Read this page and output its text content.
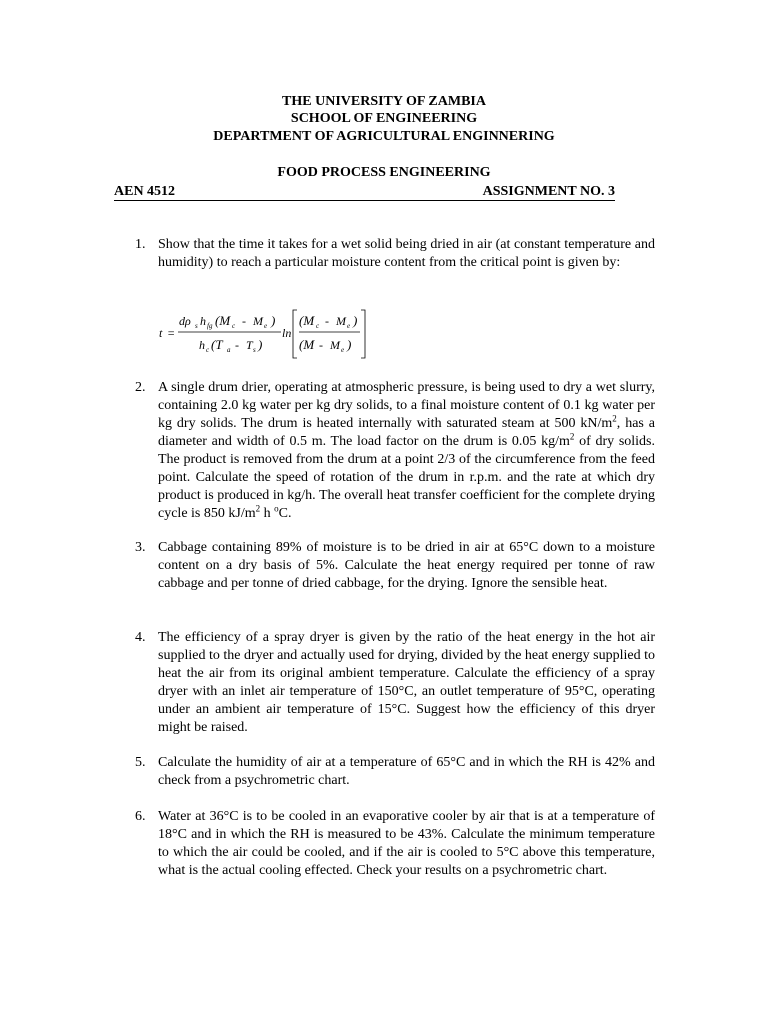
THE UNIVERSITY OF ZAMBIA
SCHOOL OF ENGINEERING
DEPARTMENT OF AGRICULTURAL ENGINNERING
FOOD PROCESS ENGINEERING
AEN 4512	ASSIGNMENT NO. 3
1. Show that the time it takes for a wet solid being dried in air (at constant temperature and humidity) to reach a particular moisture content from the critical point is given by:
t =
dρ s h fg (M c - M e )
h c (T a - T s )
ln
(M c - M e )
(M - M e )
2. A single drum drier, operating at atmospheric pressure, is being used to dry a wet slurry, containing 2.0 kg water per kg dry solids, to a final moisture content of 0.1 kg water per kg dry solids. The drum is heated internally with saturated steam at 500 $kN/m^2$, has a diameter and width of 0.5 m. The load factor on the drum is 0.05 $kg/m^2$ of dry solids. The product is removed from the drum at a point 2/3 of the circumference from the feed point. Calculate the speed of rotation of the drum in r.p.m. and the rate at which dry product is produced in kg/h. The overall heat transfer coefficient for the complete drying cycle is 850 $kJ/m^2$ h $^o$C.
3. Cabbage containing 89% of moisture is to be dried in air at 65°C down to a moisture content on a dry basis of 5%. Calculate the heat energy required per tonne of raw cabbage and per tonne of dried cabbage, for the drying. Ignore the sensible heat.
4. The efficiency of a spray dryer is given by the ratio of the heat energy in the hot air supplied to the dryer and actually used for drying, divided by the heat energy supplied to heat the air from its original ambient temperature. Calculate the efficiency of a spray dryer with an inlet air temperature of 150°C, an outlet temperature of 95°C, operating under an ambient air temperature of 15°C. Suggest how the efficiency of this dryer might be raised.
5. Calculate the humidity of air at a temperature of 65°C and in which the RH is 42% and check from a psychrometric chart.
6. Water at 36°C is to be cooled in an evaporative cooler by air that is at a temperature of 18°C and in which the RH is measured to be 43%. Calculate the minimum temperature to which the air could be cooled, and if the air is cooled to 5°C above this temperature, what is the actual cooling effected. Check your results on a psychrometric chart.
